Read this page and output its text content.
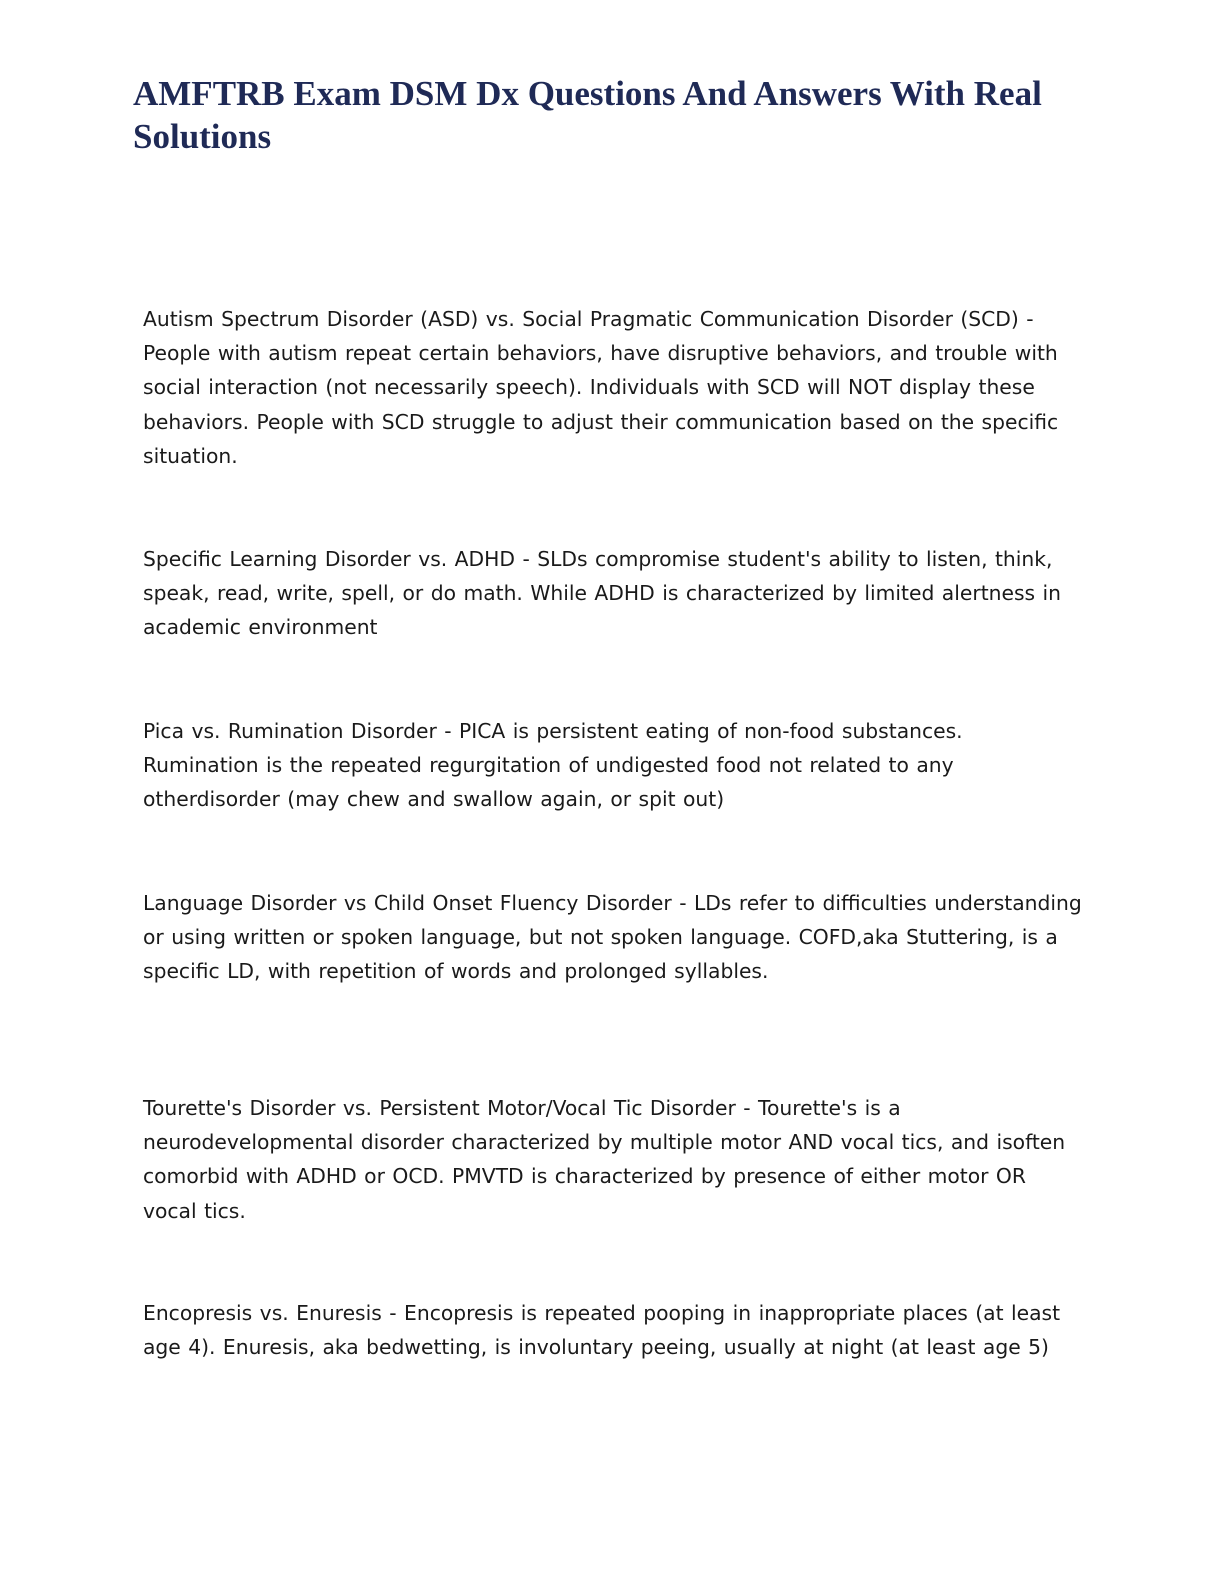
AMFTRB Exam DSM Dx Questions And Answers With Real Solutions

Autism Spectrum Disorder (ASD) vs. Social Pragmatic Communication Disorder (SCD) - People with autism repeat certain behaviors, have disruptive behaviors, and trouble with social interaction (not necessarily speech). Individuals with SCD will NOT display these behaviors. People with SCD struggle to adjust their communication based on the specific situation.

Specific Learning Disorder vs. ADHD - SLDs compromise student's ability to listen, think, speak, read, write, spell, or do math. While ADHD is characterized by limited alertness in academic environment

Pica vs. Rumination Disorder - PICA is persistent eating of non-food substances. Rumination is the repeated regurgitation of undigested food not related to any otherdisorder (may chew and swallow again, or spit out)

Language Disorder vs Child Onset Fluency Disorder - LDs refer to difficulties understanding or using written or spoken language, but not spoken language. COFD,aka Stuttering, is a specific LD, with repetition of words and prolonged syllables.

Tourette's Disorder vs. Persistent Motor/Vocal Tic Disorder - Tourette's is a neurodevelopmental disorder characterized by multiple motor AND vocal tics, and isoften comorbid with ADHD or OCD. PMVTD is characterized by presence of either motor OR vocal tics.

Encopresis vs. Enuresis - Encopresis is repeated pooping in inappropriate places (at least age 4). Enuresis, aka bedwetting, is involuntary peeing, usually at night (at least age 5)
